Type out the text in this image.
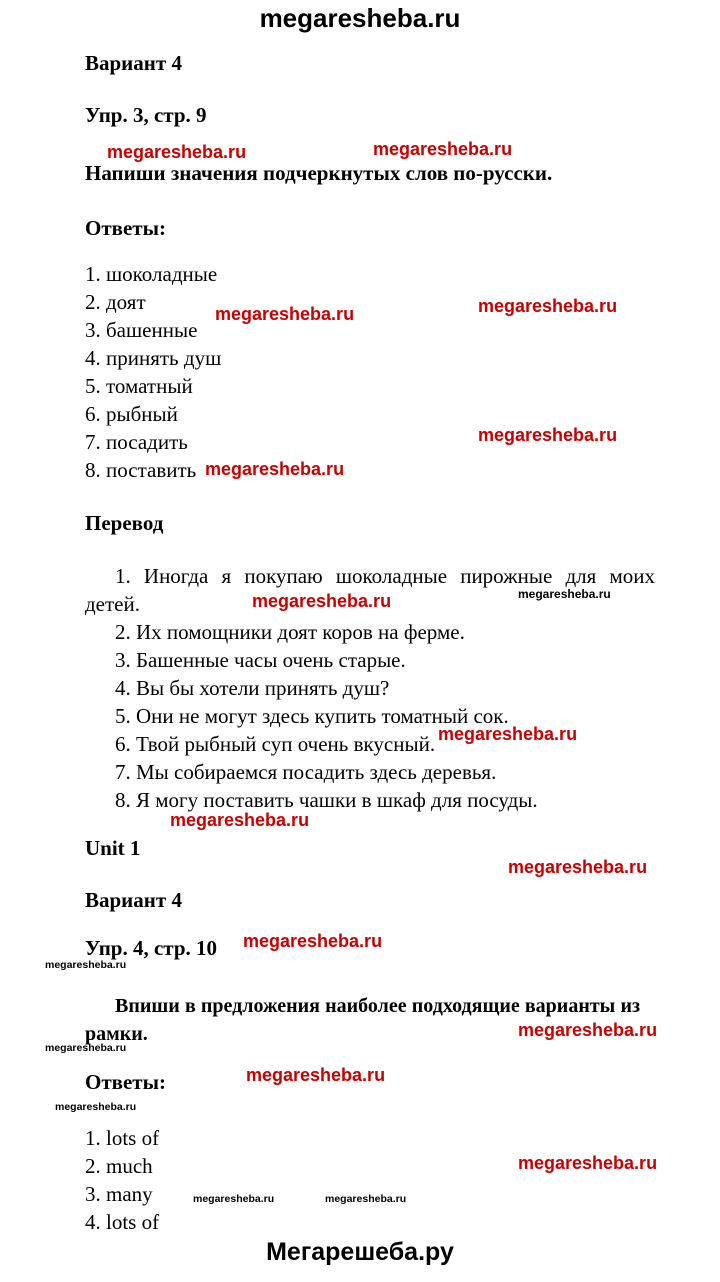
megaresheba.ru
Вариант 4
Упр. 3, стр. 9
Напиши значения подчеркнутых слов по-русски.
Ответы:
1. шоколадные
2. доят
3. башенные
4. принять душ
5. томатный
6. рыбный
7. посадить
8. поставить
Перевод

1. Иногда я покупаю шоколадные пирожные для моих детей.

2. Их помощники доят коров на ферме.

3. Башенные часы очень старые.

4. Вы бы хотели принять душ?

5. Они не могут здесь купить томатный сок.

6. Твой рыбный суп очень вкусный.

7. Мы собираемся посадить здесь деревья.

8. Я могу поставить чашки в шкаф для посуды.

Unit 1
Вариант 4
Упр. 4, стр. 10

Впиши в предложения наиболее подходящие варианты из рамки.

Ответы:
1. lots of
2. much
3. many
4. lots of
megaresheba.ru	megaresheba.ru
megaresheba.ru	megaresheba.ru
megaresheba.ru
megaresheba.ru
megaresheba.ru
megaresheba.ru
megaresheba.ru
megaresheba.ru
megaresheba.ru
megaresheba.ru
megaresheba.ru
megaresheba.ru
megaresheba.ru
megaresheba.ru
megaresheba.ru
megaresheba.ru
megaresheba.ru	megaresheba.ru
Мегарешеба.ру
